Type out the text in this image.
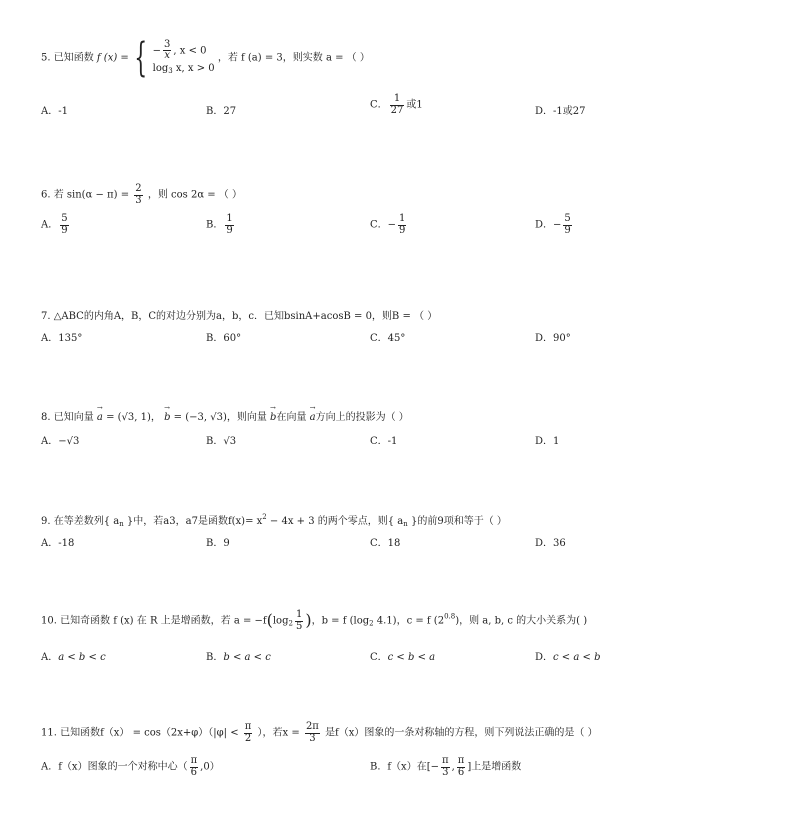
5. 已知函数 f (x) = { − $\frac{3}{x}$ , x < 0
$\log_3 x$, x > 0
，若 f (a) = 3，则实数 a = （ ）
A．-1	B．27
C． $\frac{1}{27}$ 或1
D．-1或27
6. 若 $\sin(\alpha - \pi) = \frac{2}{3}$ ，则 cos 2α = （ ）
A． $\frac{5}{9}$	B． $\frac{1}{9}$	C．− $\frac{1}{9}$	D．− $\frac{5}{9}$
7. △ABC的内角A，B，C的对边分别为a，b，c．已知bsinA+acosB = 0，则B = （ ）
A．135°	B．60°	C．45°	D．90°
8. 已知向量 → a = (√3, 1)， → b = (−3, √3)，则向量 → b在向量 → a方向上的投影为（ ）
A．−√3	B．√3	C．-1	D．1
9. 在等差数列{ $a_n$ }中，若a3，a7是函数$f(x)= x^2 - 4x + 3$ 的两个零点，则{ $a_n$ }的前9项和等于（ ）
A．-18	B．9	C．18	D．36
10. 已知奇函数 f (x) 在 R 上是增函数，若 $a = -f(\log_2 \frac{1}{5}$ )，b = f ($\log_2$ 4.1)，c = f $(2^{0.8})$，则 a, b, c 的大小关系为( )
A．a < b < c	B．b < a < c	C．c < b < a	D．c < a < b
11. 已知函数$f(x) = \cos(2x+\varphi)(|\varphi| < \frac{\pi}{2}$ ），若$x = \frac{2\pi}{3}$ 是f（x）图象的一条对称轴的方程，则下列说法正确的是（ ）
A．f（x）图象的一个对称中心（ $\frac{\pi}{6} ,0$）	B．f（x）在[− $\frac{\pi}{3}$ , $\frac{\pi}{6}$ ]上是增函数
